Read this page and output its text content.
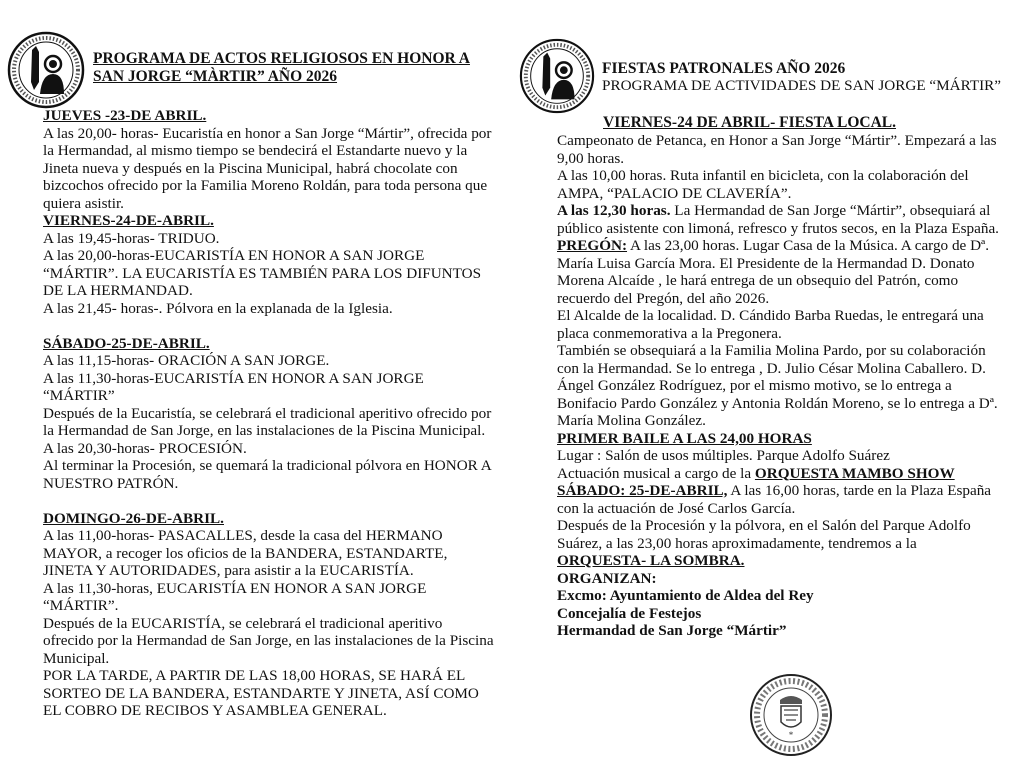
PROGRAMA DE ACTOS RELIGIOSOS EN HONOR A
SAN JORGE “MÀRTIR” AÑO 2026
JUEVES -23-DE ABRIL.
A las 20,00- horas- Eucaristía en honor a San Jorge “Mártir”, ofrecida por
la Hermandad, al mismo tiempo se bendecirá el Estandarte nuevo y la
Jineta nueva y después en la Piscina Municipal, habrá chocolate con
bizcochos ofrecido por la Familia Moreno Roldán, para toda persona que
quiera asistir.
VIERNES-24-DE-ABRIL.
A las 19,45-horas- TRIDUO.
A las 20,00-horas-EUCARISTÍA EN HONOR A SAN JORGE
“MÁRTIR”. LA EUCARISTÍA ES TAMBIÉN PARA LOS DIFUNTOS
DE LA HERMANDAD.
A las 21,45- horas-. Pólvora en la explanada de la Iglesia.
SÁBADO-25-DE-ABRIL.
A las 11,15-horas- ORACIÓN A SAN JORGE.
A las 11,30-horas-EUCARISTÍA EN HONOR A SAN JORGE
“MÁRTIR”
Después de la Eucaristía, se celebrará el tradicional aperitivo ofrecido por
la Hermandad de San Jorge, en las instalaciones de la Piscina Municipal.
A las 20,30-horas- PROCESIÓN.
Al terminar la Procesión, se quemará la tradicional pólvora en HONOR A
NUESTRO PATRÓN.
DOMINGO-26-DE-ABRIL.
A las 11,00-horas- PASACALLES, desde la casa del HERMANO
MAYOR, a recoger los oficios de la BANDERA, ESTANDARTE,
JINETA Y AUTORIDADES, para asistir a la EUCARISTÍA.
A las 11,30-horas, EUCARISTÍA EN HONOR A SAN JORGE
“MÁRTIR”.
Después de la EUCARISTÍA, se celebrará el tradicional aperitivo
ofrecido por la Hermandad de San Jorge, en las instalaciones de la Piscina
Municipal.
POR LA TARDE, A PARTIR DE LAS 18,00 HORAS, SE HARÁ EL
SORTEO DE LA BANDERA, ESTANDARTE Y JINETA, ASÍ COMO
EL COBRO DE RECIBOS Y ASAMBLEA GENERAL.
FIESTAS PATRONALES AÑO 2026
PROGRAMA DE ACTIVIDADES DE SAN JORGE “MÁRTIR”
VIERNES-24 DE ABRIL- FIESTA LOCAL.
Campeonato de Petanca, en Honor a San Jorge “Mártir”. Empezará a las
9,00 horas.
A las 10,00 horas. Ruta infantil en bicicleta, con la colaboración del
AMPA, “PALACIO DE CLAVERÍA”.
A las 12,30 horas. La Hermandad de San Jorge “Mártir”, obsequiará al
público asistente con limoná, refresco y frutos secos, en la Plaza España.
PREGÓN: A las 23,00 horas. Lugar Casa de la Música. A cargo de Dª.
María Luisa García Mora. El Presidente de la Hermandad D. Donato
Morena Alcaíde , le hará entrega de un obsequio del Patrón, como
recuerdo del Pregón, del año 2026.
El Alcalde de la localidad. D. Cándido Barba Ruedas, le entregará una
placa conmemorativa a la Pregonera.
También se obsequiará a la Familia Molina Pardo, por su colaboración
con la Hermandad. Se lo entrega , D. Julio César Molina Caballero. D.
Ángel González Rodríguez, por el mismo motivo, se lo entrega a
Bonifacio Pardo González y Antonia Roldán Moreno, se lo entrega a Dª.
María Molina González.
PRIMER BAILE A LAS 24,00 HORAS
Lugar : Salón de usos múltiples. Parque Adolfo Suárez
Actuación musical a cargo de la ORQUESTA MAMBO SHOW
SÁBADO: 25-DE-ABRIL, A las 16,00 horas, tarde en la Plaza España
con la actuación de José Carlos García.
Después de la Procesión y la pólvora, en el Salón del Parque Adolfo
Suárez, a las 23,00 horas aproximadamente, tendremos a la
ORQUESTA- LA SOMBRA.
ORGANIZAN:
Excmo: Ayuntamiento de Aldea del Rey
Concejalía de Festejos
Hermandad de San Jorge “Mártir”
*
